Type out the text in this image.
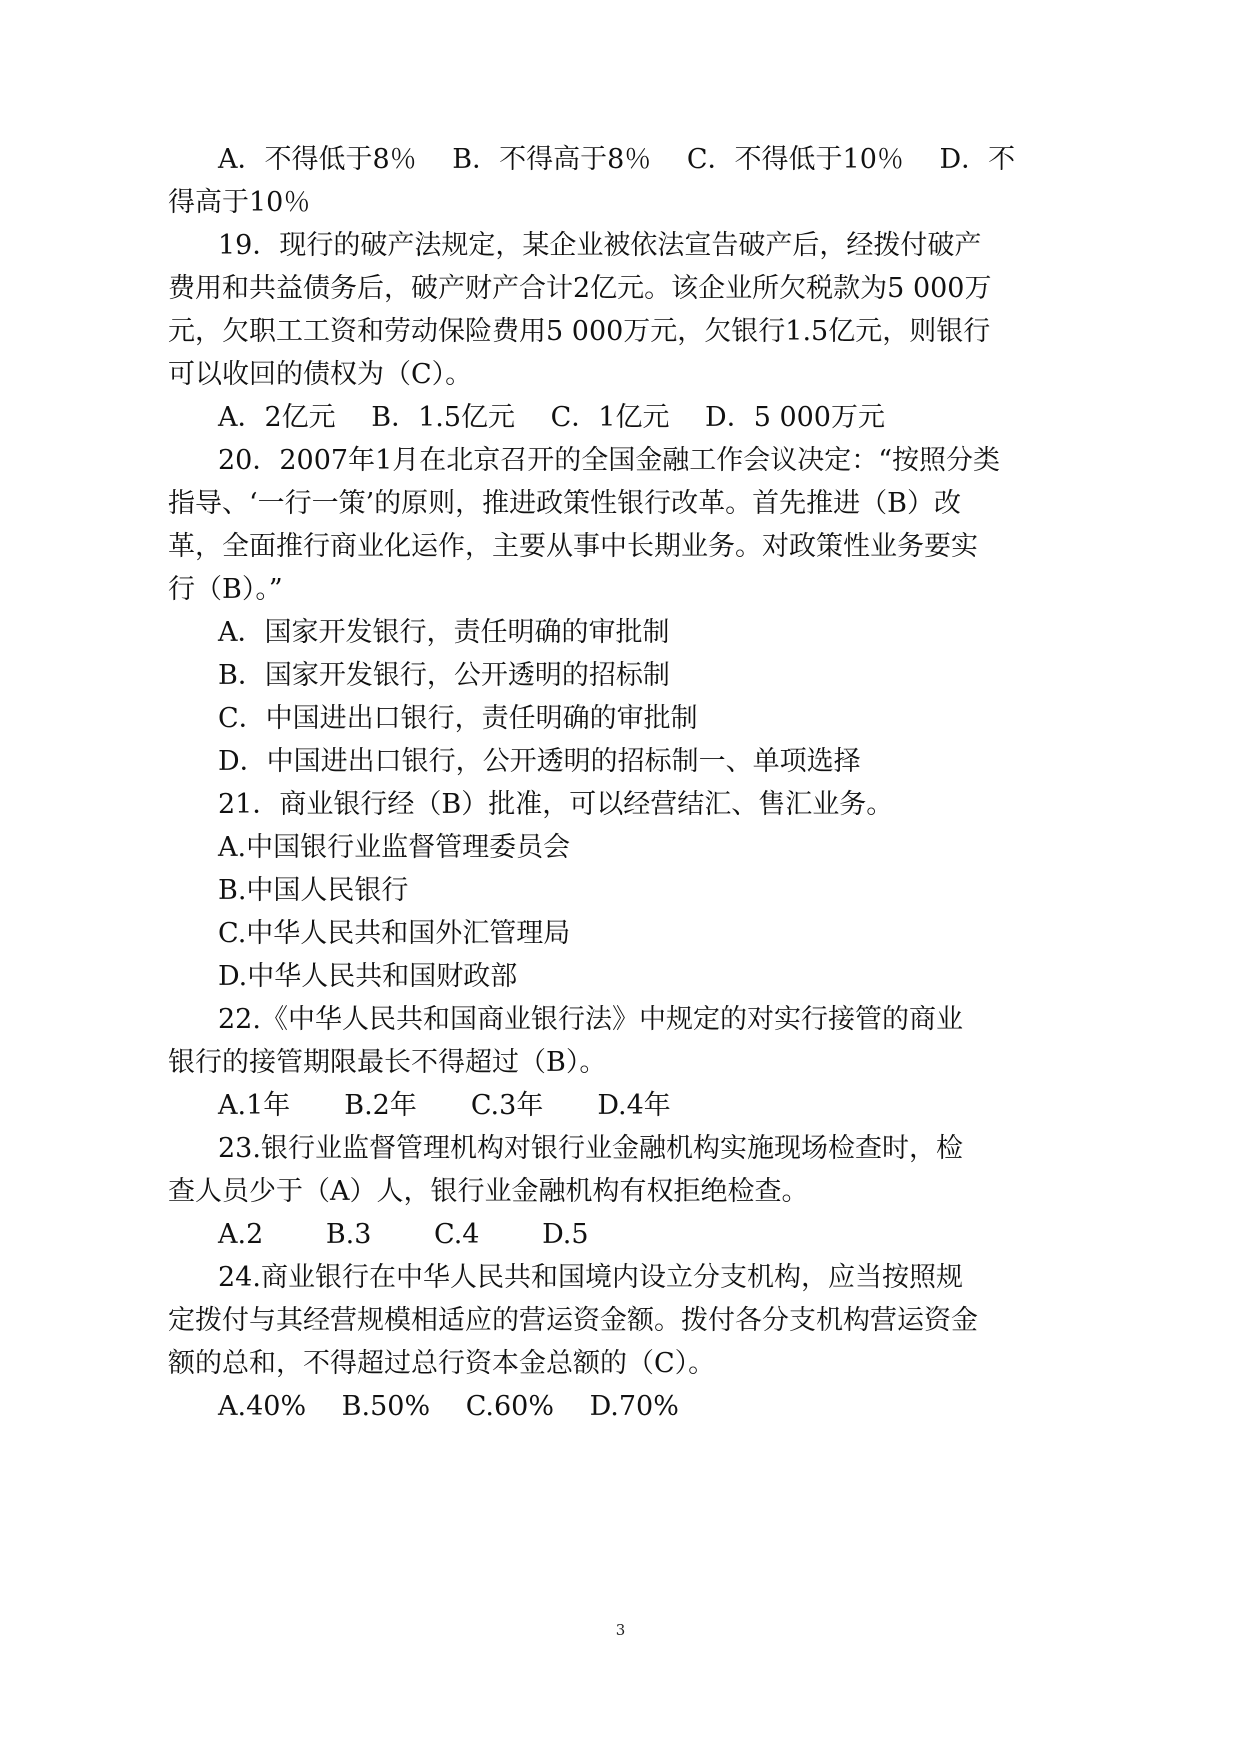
A．不得低于8％　 B．不得高于8％　 C．不得低于10％　 D．不
得高于10％
19．现行的破产法规定，某企业被依法宣告破产后，经拨付破产
费用和共益债务后，破产财产合计2亿元。该企业所欠税款为5 000万
元，欠职工工资和劳动保险费用5 000万元，欠银行1.5亿元，则银行
可以收回的债权为（C）。
A．2亿元　 B．1.5亿元　 C．1亿元　 D．5 000万元
20．2007年1月在北京召开的全国金融工作会议决定：“按照分类
指导、‘一行一策’的原则，推进政策性银行改革。首先推进（B）改
革，全面推行商业化运作，主要从事中长期业务。对政策性业务要实
行（B）。”
A．国家开发银行，责任明确的审批制
B．国家开发银行，公开透明的招标制
C．中国进出口银行，责任明确的审批制
D．中国进出口银行，公开透明的招标制一、单项选择
21．商业银行经（B）批准，可以经营结汇、售汇业务。
A.中国银行业监督管理委员会
B.中国人民银行
C.中华人民共和国外汇管理局
D.中华人民共和国财政部
22.《中华人民共和国商业银行法》中规定的对实行接管的商业
银行的接管期限最长不得超过（B）。
A.1年　　B.2年　　C.3年　　D.4年
23.银行业监督管理机构对银行业金融机构实施现场检查时，检
查人员少于（A）人，银行业金融机构有权拒绝检查。
A.2　　 B.3　　 C.4　　 D.5
24.商业银行在中华人民共和国境内设立分支机构，应当按照规
定拨付与其经营规模相适应的营运资金额。拨付各分支机构营运资金
额的总和，不得超过总行资本金总额的（C）。
A.40%　 B.50%　 C.60%　 D.70%
3
